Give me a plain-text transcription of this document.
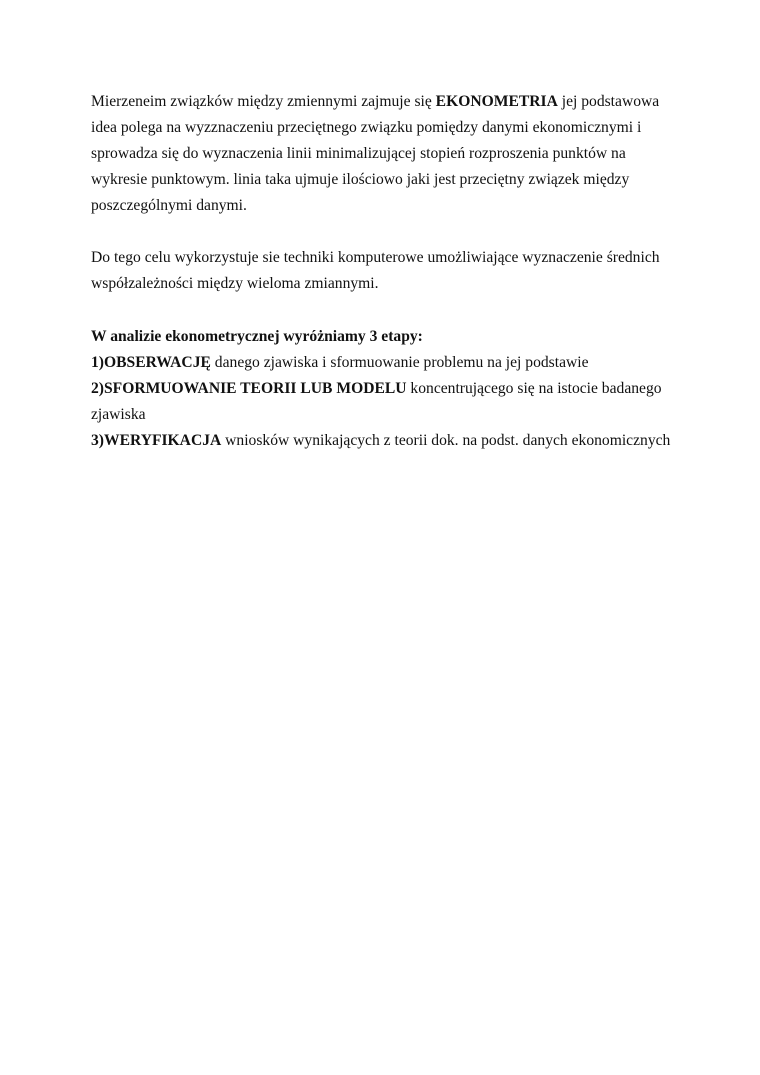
Mierzeneim związków między zmiennymi zajmuje się EKONOMETRIA jej podstawowa idea polega na wyzznaczeniu przeciętnego związku pomiędzy danymi ekonomicznymi i sprowadza się do wyznaczenia linii minimalizującej stopień rozproszenia punktów na wykresie punktowym. linia taka ujmuje ilościowo jaki jest przeciętny związek między poszczególnymi danymi.

Do tego celu wykorzystuje sie techniki komputerowe umożliwiające wyznaczenie średnich współzależności między wieloma zmiannymi.

W analizie ekonometrycznej wyróżniamy 3 etapy:

1)OBSERWACJĘ danego zjawiska i sformuowanie problemu na jej podstawie

2)SFORMUOWANIE TEORII LUB MODELU koncentrującego się na istocie badanego zjawiska

3)WERYFIKACJA wniosków wynikających z teorii dok. na podst. danych ekonomicznych
